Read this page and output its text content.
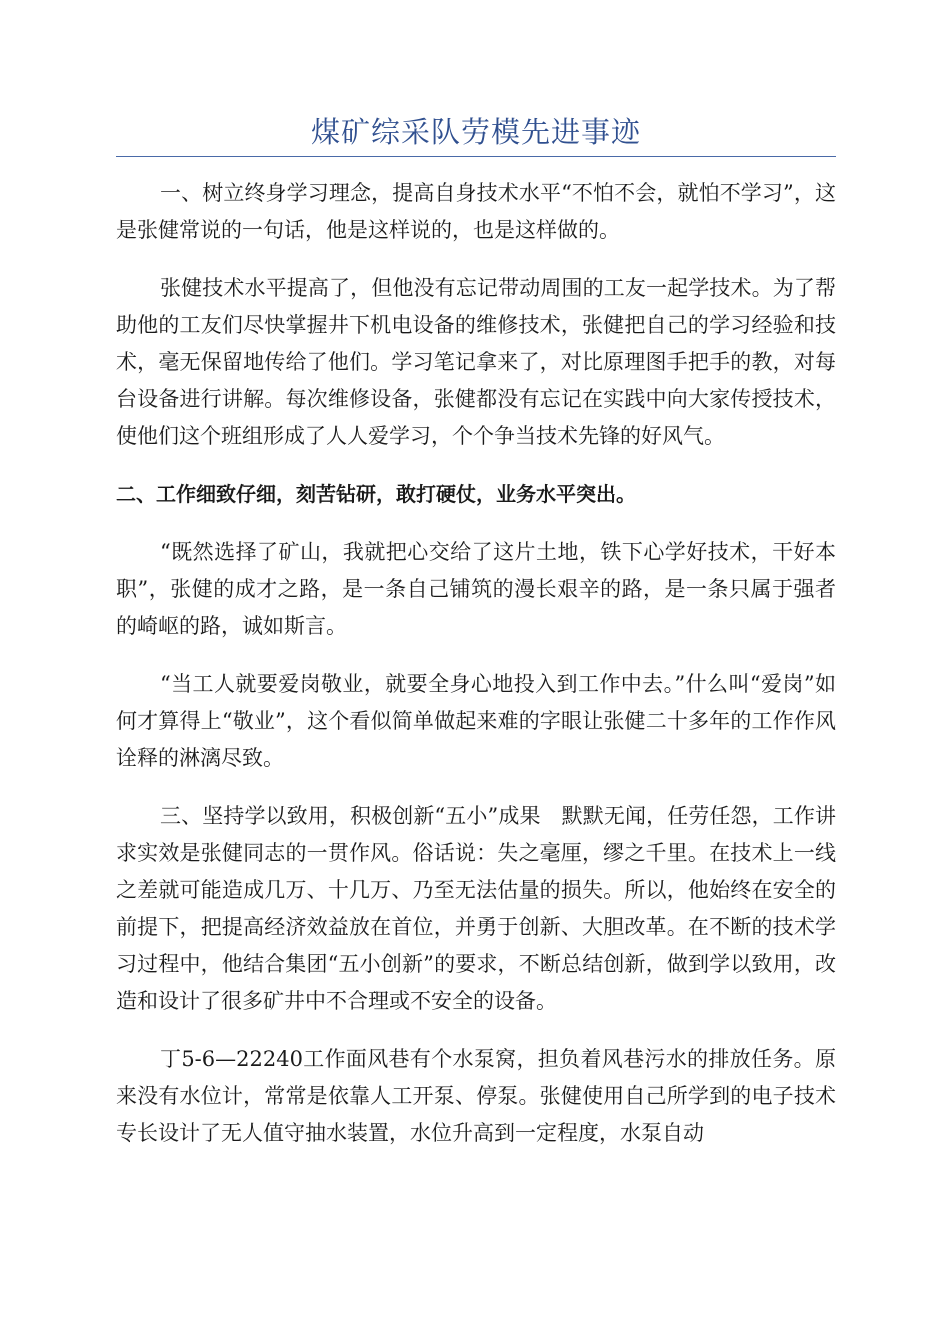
煤矿综采队劳模先进事迹

一、树立终身学习理念，提高自身技术水平“不怕不会，就怕不学习”，这是张健常说的一句话，他是这样说的，也是这样做的。

张健技术水平提高了，但他没有忘记带动周围的工友一起学技术。为了帮助他的工友们尽快掌握井下机电设备的维修技术，张健把自己的学习经验和技术，毫无保留地传给了他们。学习笔记拿来了，对比原理图手把手的教，对每台设备进行讲解。每次维修设备，张健都没有忘记在实践中向大家传授技术，使他们这个班组形成了人人爱学习，个个争当技术先锋的好风气。

二、工作细致仔细，刻苦钻研，敢打硬仗，业务水平突出。

“既然选择了矿山，我就把心交给了这片土地，铁下心学好技术，干好本职”，张健的成才之路，是一条自己铺筑的漫长艰辛的路，是一条只属于强者的崎岖的路，诚如斯言。

“当工人就要爱岗敬业，就要全身心地投入到工作中去。”什么叫“爱岗”如何才算得上“敬业”，这个看似简单做起来难的字眼让张健二十多年的工作作风诠释的淋漓尽致。

三、坚持学以致用，积极创新“五小”成果　默默无闻，任劳任怨，工作讲求实效是张健同志的一贯作风。俗话说：失之毫厘，缪之千里。在技术上一线之差就可能造成几万、十几万、乃至无法估量的损失。所以，他始终在安全的前提下，把提高经济效益放在首位，并勇于创新、大胆改革。在不断的技术学习过程中，他结合集团“五小创新”的要求，不断总结创新，做到学以致用，改造和设计了很多矿井中不合理或不安全的设备。

丁5-6—22240工作面风巷有个水泵窝，担负着风巷污水的排放任务。原来没有水位计，常常是依靠人工开泵、停泵。张健使用自己所学到的电子技术专长设计了无人值守抽水装置，水位升高到一定程度，水泵自动
